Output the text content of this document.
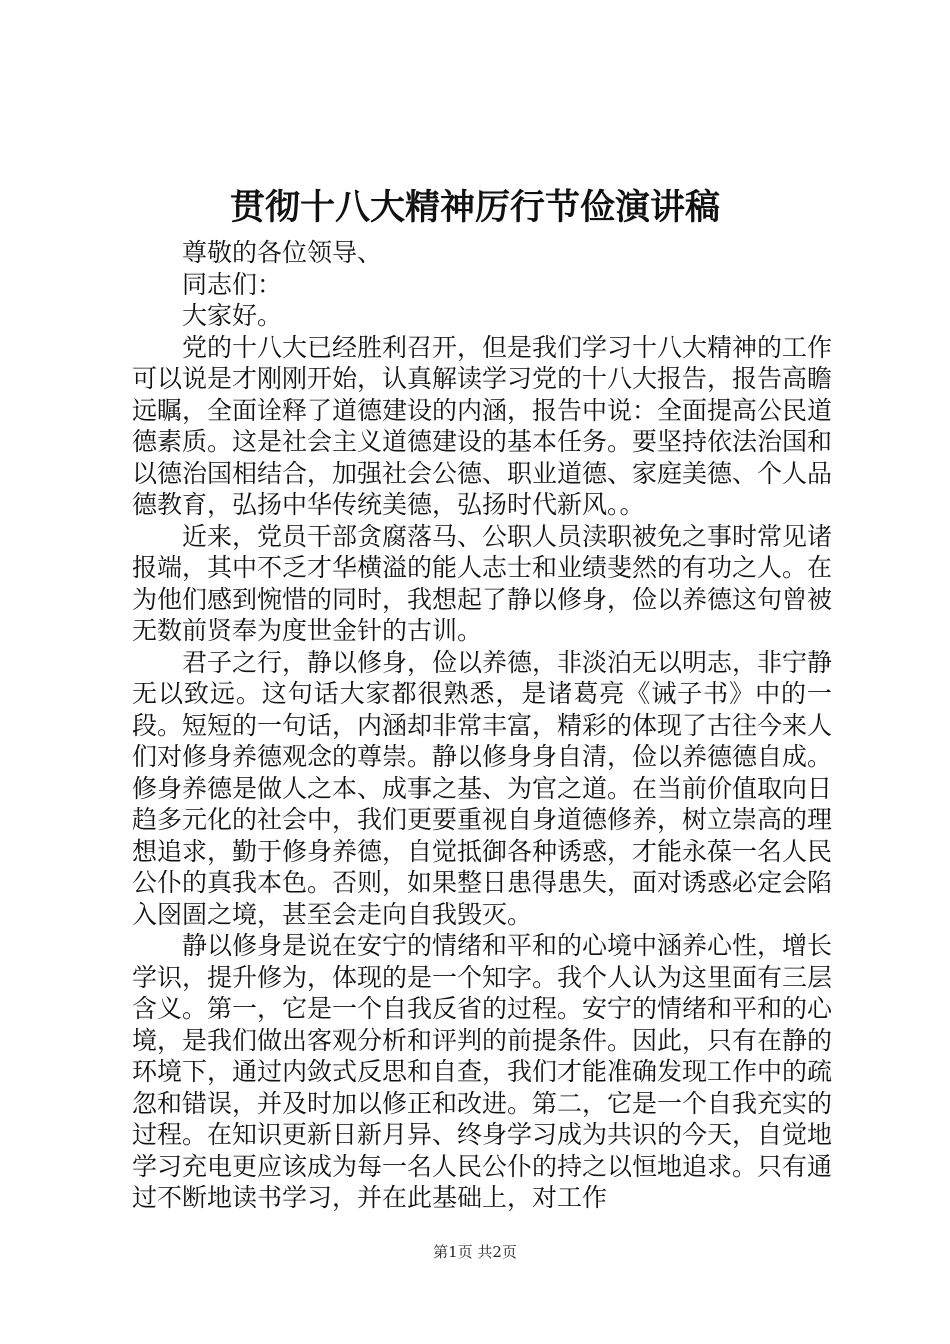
贯彻十八大精神厉行节俭演讲稿

尊敬的各位领导、

同志们：

大家好。

党的十八大已经胜利召开，但是我们学习十八大精神的工作可以说是才刚刚开始，认真解读学习党的十八大报告，报告高瞻远瞩，全面诠释了道德建设的内涵，报告中说：全面提高公民道德素质。这是社会主义道德建设的基本任务。要坚持依法治国和以德治国相结合，加强社会公德、职业道德、家庭美德、个人品德教育，弘扬中华传统美德，弘扬时代新风。。

近来，党员干部贪腐落马、公职人员渎职被免之事时常见诸报端，其中不乏才华横溢的能人志士和业绩斐然的有功之人。在为他们感到惋惜的同时，我想起了静以修身，俭以养德这句曾被无数前贤奉为度世金针的古训。

君子之行，静以修身，俭以养德，非淡泊无以明志，非宁静无以致远。这句话大家都很熟悉，是诸葛亮《诫子书》中的一段。短短的一句话，内涵却非常丰富，精彩的体现了古往今来人们对修身养德观念的尊崇。静以修身身自清，俭以养德德自成。修身养德是做人之本、成事之基、为官之道。在当前价值取向日趋多元化的社会中，我们更要重视自身道德修养，树立崇高的理想追求，勤于修身养德，自觉抵御各种诱惑，才能永葆一名人民公仆的真我本色。否则，如果整日患得患失，面对诱惑必定会陷入囹圄之境，甚至会走向自我毁灭。

静以修身是说在安宁的情绪和平和的心境中涵养心性，增长学识，提升修为，体现的是一个知字。我个人认为这里面有三层含义。第一，它是一个自我反省的过程。安宁的情绪和平和的心境，是我们做出客观分析和评判的前提条件。因此，只有在静的环境下，通过内敛式反思和自查，我们才能准确发现工作中的疏忽和错误，并及时加以修正和改进。第二，它是一个自我充实的过程。在知识更新日新月异、终身学习成为共识的今天，自觉地学习充电更应该成为每一名人民公仆的持之以恒地追求。只有通过不断地读书学习，并在此基础上，对工作

第1页 共2页
